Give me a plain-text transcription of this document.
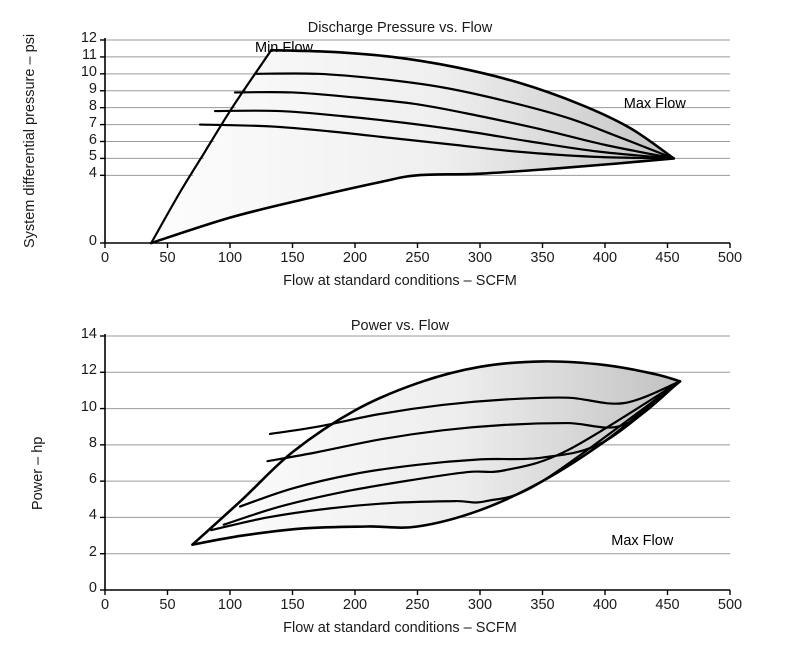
Discharge Pressure vs. Flow
System differential pressure – psi	Min Flow
Max Flow
Flow at standard conditions – SCFM
0	50	100	150	200	250	300	350	400	450	500
0
4
5
6
7
8
9
10
11
12
Power vs. Flow
Power – hp
Max Flow
Flow at standard conditions – SCFM
0	50	100	150	200	250	300	350	400	450	500
0
2
4
6
8
10
12
14
